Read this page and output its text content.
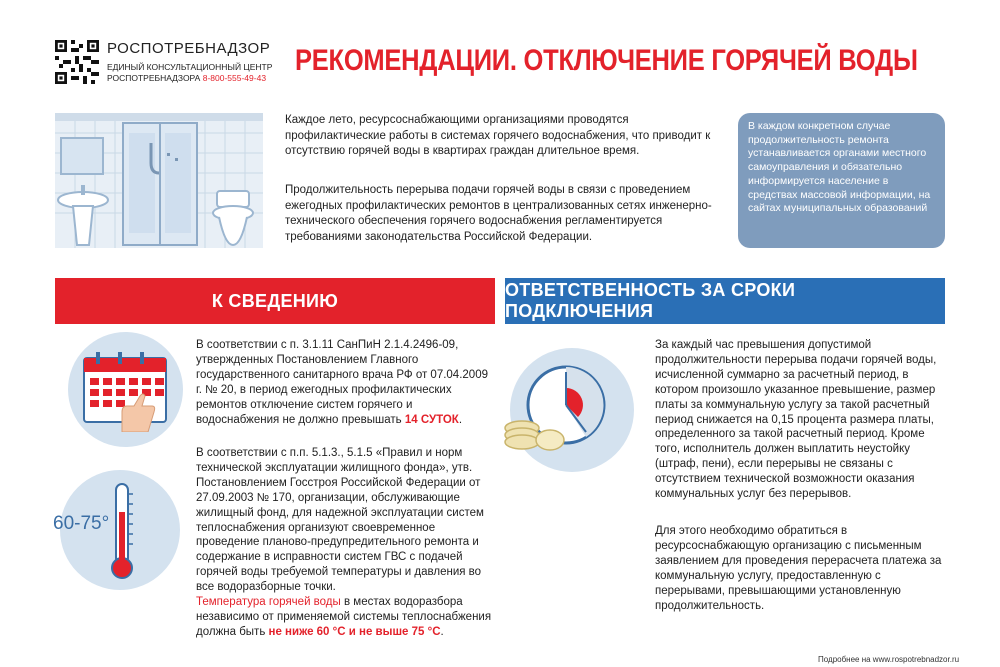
РОСПОТРЕБНАДЗОР
ЕДИНЫЙ КОНСУЛЬТАЦИОННЫЙ ЦЕНТР
РОСПОТРЕБНАДЗОРА 8-800-555-49-43
РЕКОМЕНДАЦИИ. ОТКЛЮЧЕНИЕ ГОРЯЧЕЙ ВОДЫ
Каждое лето, ресурсоснабжающими организациями проводятся профилактические работы в системах горячего водоснабжения, что приводит к отсутствию горячей воды в квартирах граждан длительное время.
Продолжительность перерыва подачи горячей воды в связи с проведением ежегодных профилактических ремонтов в централизованных сетях инженерно-технического обеспечения горячего водоснабжения регламентируется требованиями законодательства Российской Федерации.
В каждом конкретном случае продолжительность ремонта устанавливается органами местного самоуправления и обязательно информируется население в средствах массовой информации, на сайтах муниципальных образований
К СВЕДЕНИЮ
ОТВЕТСТВЕННОСТЬ ЗА СРОКИ ПОДКЛЮЧЕНИЯ
60-75°
В соответствии с п. 3.1.11 СанПиН 2.1.4.2496-09, утвержденных Постановлением Главного государственного санитарного врача РФ от 07.04.2009 г. № 20, в период ежегодных профилактических ремонтов отключение систем горячего и водоснабжения не должно превышать 14 СУТОК.
В соответствии с п.п. 5.1.3., 5.1.5 «Правил и норм технической эксплуатации жилищного фонда», утв. Постановлением Госстроя Российской Федерации от 27.09.2003 № 170, организации, обслуживающие жилищный фонд, для надежной эксплуатации систем теплоснабжения организуют своевременное проведение планово-предупредительного ремонта и содержание в исправности систем ГВС с подачей горячей воды требуемой температуры и давления во все водоразборные точки.
Температура горячей воды в местах водоразбора независимо от применяемой системы теплоснабжения должна быть не ниже 60 °С и не выше 75 °С.
За каждый час превышения допустимой продолжительности перерыва подачи горячей воды, исчисленной суммарно за расчетный период, в котором произошло указанное превышение, размер платы за коммунальную услугу за такой расчетный период снижается на 0,15 процента размера платы, определенного за такой расчетный период. Кроме того, исполнитель должен выплатить неустойку (штраф, пени), если перерывы не связаны с отсутствием технической возможности оказания коммунальных услуг без перерывов.
Для этого необходимо обратиться в ресурсоснабжающую организацию с письменным заявлением для проведения перерасчета платежа за коммунальную услугу, предоставленную с перерывами, превышающими установленную продолжительность.
Подробнее на www.rospotrebnadzor.ru
